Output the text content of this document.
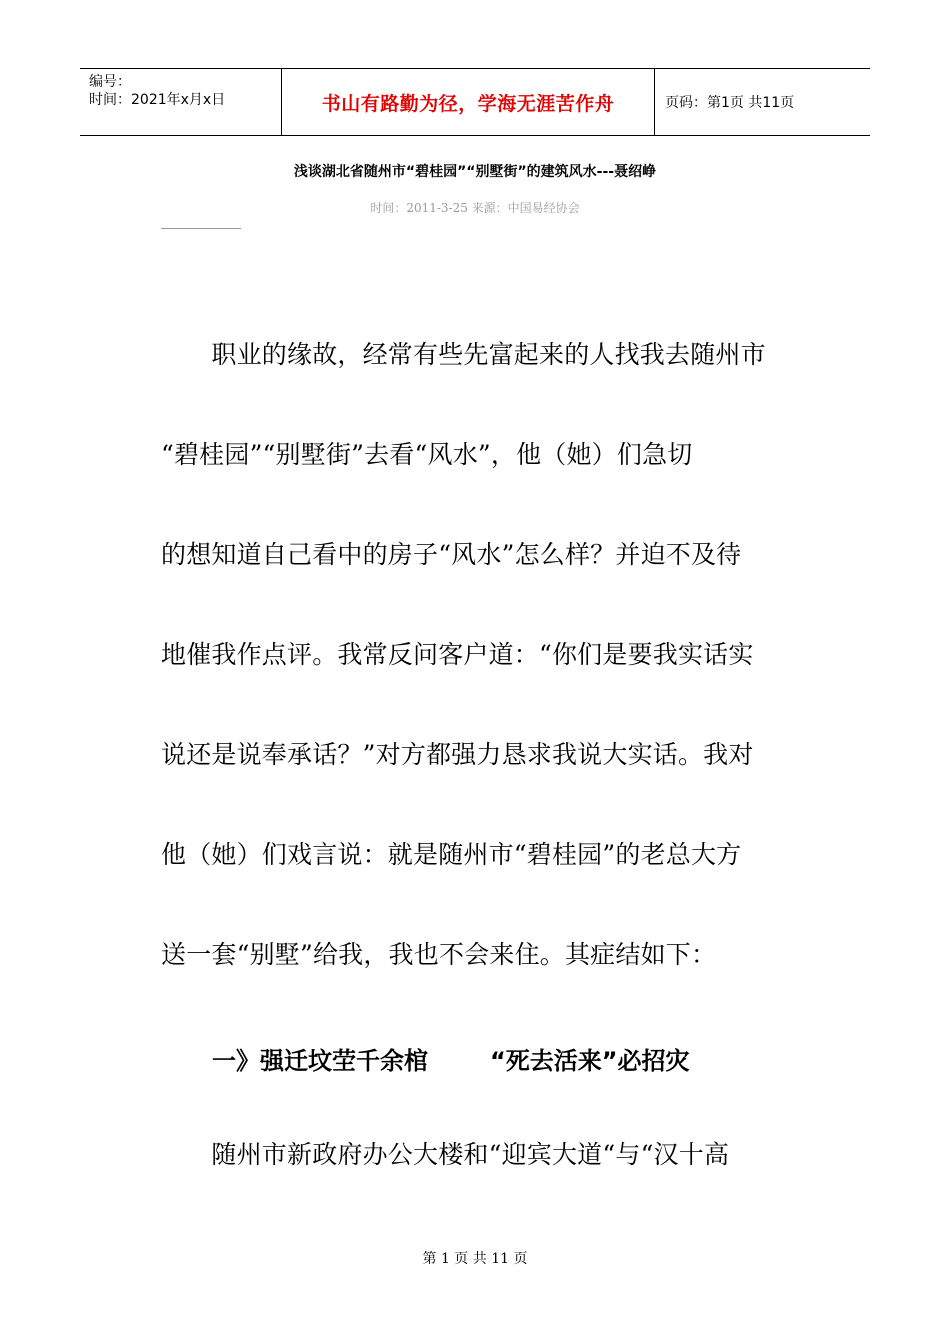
编号：
时间：2021年x月x日	书山有路勤为径，学海无涯苦作舟	页码：第1页 共11页
浅谈湖北省随州市“碧桂园”“别墅街”的建筑风水---聂绍峥
时间：2011-3-25 来源：中国易经协会
　　职业的缘故，经常有些先富起来的人找我去随州市
“碧桂园”“别墅街”去看“风水”，他（她）们急切
的想知道自己看中的房子“风水”怎么样？并迫不及待
地催我作点评。我常反问客户道：“你们是要我实话实
说还是说奉承话？”对方都强力恳求我说大实话。我对
他（她）们戏言说：就是随州市“碧桂园”的老总大方
送一套“别墅”给我，我也不会来住。其症结如下：
一》强迁坟茔千余棺	“死去活来”必招灾
　　随州市新政府办公大楼和“迎宾大道“与“汉十高
第 1 页 共 11 页
